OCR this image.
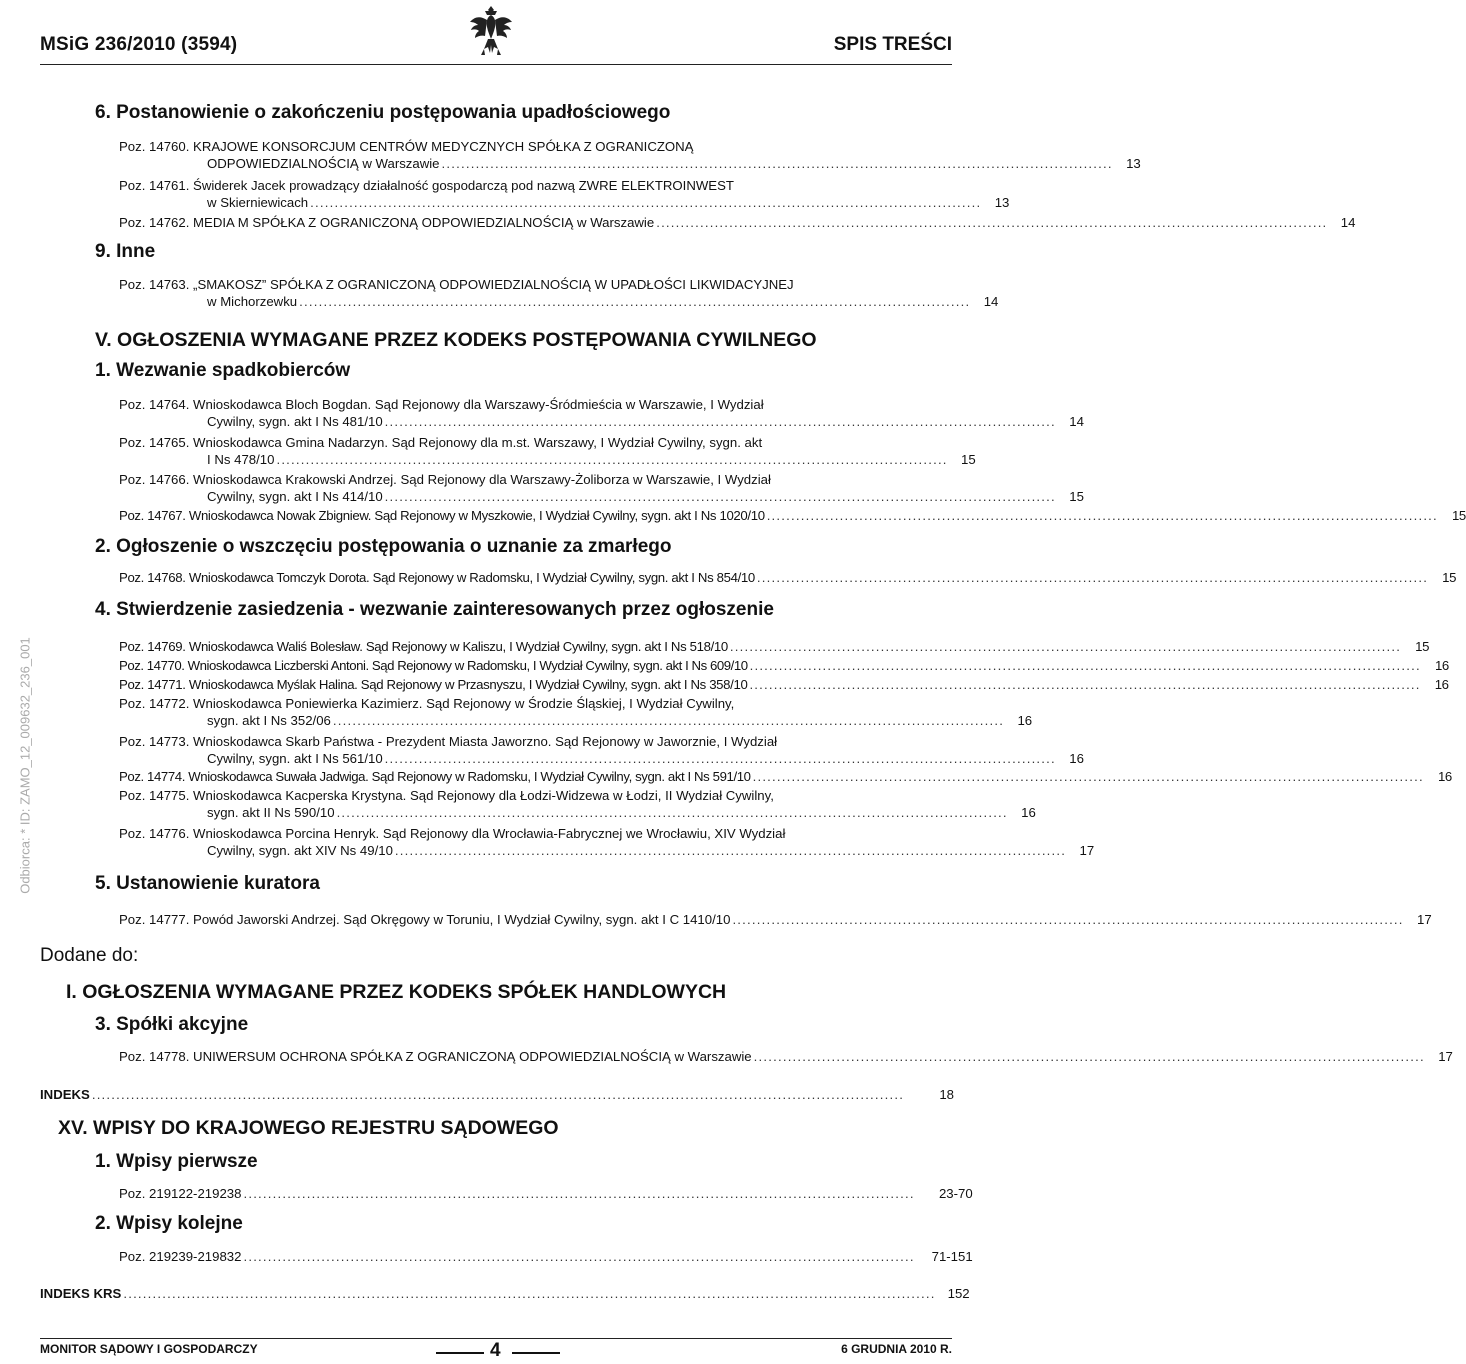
MSiG 236/2010 (3594)	SPIS TREŚCI
Odbiorca: * ID: ZAMO_12_009632_236_001
6. Postanowienie o zakończeniu postępowania upadłościowego
Poz. 14760. KRAJOWE KONSORCJUM CENTRÓW MEDYCZNYCH SPÓŁKA Z OGRANICZONĄ
ODPOWIEDZIALNOŚCIĄ w Warszawie ..........................................................................................................................................	13
Poz. 14761. Świderek Jacek prowadzący działalność gospodarczą pod nazwą ZWRE ELEKTROINWEST
w Skierniewicach ..........................................................................................................................................	13
Poz. 14762. MEDIA M SPÓŁKA Z OGRANICZONĄ ODPOWIEDZIALNOŚCIĄ w Warszawie ..........................................................................................................................................	14
9. Inne
Poz. 14763. „SMAKOSZ” SPÓŁKA Z OGRANICZONĄ ODPOWIEDZIALNOŚCIĄ W UPADŁOŚCI LIKWIDACYJNEJ
w Michorzewku ..........................................................................................................................................	14
V. OGŁOSZENIA WYMAGANE PRZEZ KODEKS POSTĘPOWANIA CYWILNEGO
1. Wezwanie spadkobierców
Poz. 14764. Wnioskodawca Bloch Bogdan. Sąd Rejonowy dla Warszawy-Śródmieścia w Warszawie, I Wydział
Cywilny, sygn. akt I Ns 481/10 ..........................................................................................................................................	14
Poz. 14765. Wnioskodawca Gmina Nadarzyn. Sąd Rejonowy dla m.st. Warszawy, I Wydział Cywilny, sygn. akt
I Ns 478/10 ..........................................................................................................................................	15
Poz. 14766. Wnioskodawca Krakowski Andrzej. Sąd Rejonowy dla Warszawy-Żoliborza w Warszawie, I Wydział
Cywilny, sygn. akt I Ns 414/10 ..........................................................................................................................................	15
Poz. 14767. Wnioskodawca Nowak Zbigniew. Sąd Rejonowy w Myszkowie, I Wydział Cywilny, sygn. akt I Ns 1020/10 ..........................................................................................................................................	15
2. Ogłoszenie o wszczęciu postępowania o uznanie za zmarłego
Poz. 14768. Wnioskodawca Tomczyk Dorota. Sąd Rejonowy w Radomsku, I Wydział Cywilny, sygn. akt I Ns 854/10 ..........................................................................................................................................	15
4. Stwierdzenie zasiedzenia - wezwanie zainteresowanych przez ogłoszenie
Poz. 14769. Wnioskodawca Waliś Bolesław. Sąd Rejonowy w Kaliszu, I Wydział Cywilny, sygn. akt I Ns 518/10 ..........................................................................................................................................	15
Poz. 14770. Wnioskodawca Liczberski Antoni. Sąd Rejonowy w Radomsku, I Wydział Cywilny, sygn. akt I Ns 609/10 ..........................................................................................................................................	16
Poz. 14771. Wnioskodawca Myślak Halina. Sąd Rejonowy w Przasnyszu, I Wydział Cywilny, sygn. akt I Ns 358/10 ..........................................................................................................................................	16
Poz. 14772. Wnioskodawca Poniewierka Kazimierz. Sąd Rejonowy w Środzie Śląskiej, I Wydział Cywilny,
sygn. akt I Ns 352/06 ..........................................................................................................................................	16
Poz. 14773. Wnioskodawca Skarb Państwa - Prezydent Miasta Jaworzno. Sąd Rejonowy w Jaworznie, I Wydział
Cywilny, sygn. akt I Ns 561/10 ..........................................................................................................................................	16
Poz. 14774. Wnioskodawca Suwała Jadwiga. Sąd Rejonowy w Radomsku, I Wydział Cywilny, sygn. akt I Ns 591/10 ..........................................................................................................................................	16
Poz. 14775. Wnioskodawca Kacperska Krystyna. Sąd Rejonowy dla Łodzi-Widzewa w Łodzi, II Wydział Cywilny,
sygn. akt II Ns 590/10 ..........................................................................................................................................	16
Poz. 14776. Wnioskodawca Porcina Henryk. Sąd Rejonowy dla Wrocławia-Fabrycznej we Wrocławiu, XIV Wydział
Cywilny, sygn. akt XIV Ns 49/10 ..........................................................................................................................................	17
5. Ustanowienie kuratora
Poz. 14777. Powód Jaworski Andrzej. Sąd Okręgowy w Toruniu, I Wydział Cywilny, sygn. akt I C 1410/10 ..........................................................................................................................................	17
Dodane do:
I. OGŁOSZENIA WYMAGANE PRZEZ KODEKS SPÓŁEK HANDLOWYCH
3. Spółki akcyjne
Poz. 14778. UNIWERSUM OCHRONA SPÓŁKA Z OGRANICZONĄ ODPOWIEDZIALNOŚCIĄ w Warszawie ..........................................................................................................................................	17
INDEKS .......................................................................................................................................................................	18
XV. WPISY DO KRAJOWEGO REJESTRU SĄDOWEGO
1. Wpisy pierwsze
Poz. 219122-219238 ..........................................................................................................................................	23-70
2. Wpisy kolejne
Poz. 219239-219832 ..........................................................................................................................................	71-151
INDEKS KRS ....................................................................................................................................................................... 152
MONITOR SĄDOWY I GOSPODARCZY	4	6 GRUDNIA 2010 R.
